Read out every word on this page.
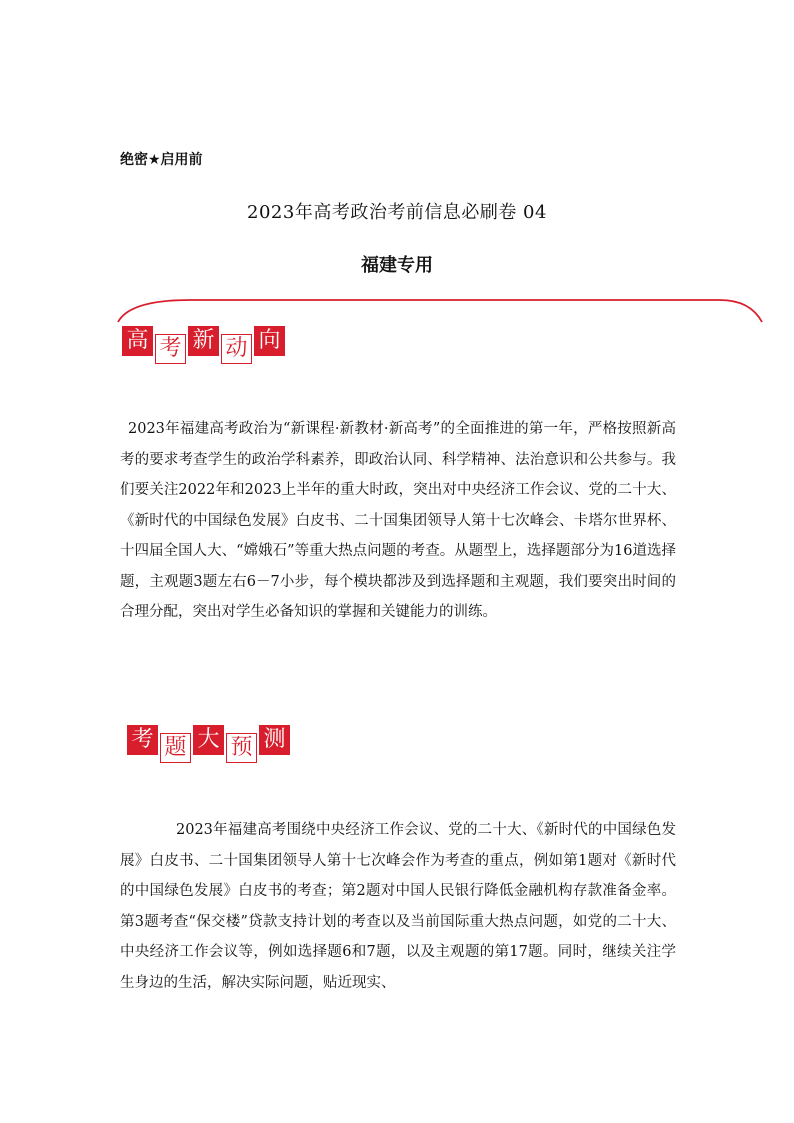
绝密★启用前
2023年高考政治考前信息必刷卷 04
福建专用
高 考 新 动 向

2023年福建高考政治为“新课程·新教材·新高考”的全面推进的第一年，严格按照新高考的要求考查学生的政治学科素养，即政治认同、科学精神、法治意识和公共参与。我们要关注2022年和2023上半年的重大时政，突出对中央经济工作会议、党的二十大、《新时代的中国绿色发展》白皮书、二十国集团领导人第十七次峰会、卡塔尔世界杯、十四届全国人大、“嫦娥石”等重大热点问题的考查。从题型上，选择题部分为16道选择题，主观题3题左右6－7小步，每个模块都涉及到选择题和主观题，我们要突出时间的合理分配，突出对学生必备知识的掌握和关键能力的训练。

考 题 大 预 测

2023年福建高考围绕中央经济工作会议、党的二十大、《新时代的中国绿色发展》白皮书、二十国集团领导人第十七次峰会作为考查的重点，例如第1题对《新时代的中国绿色发展》白皮书的考查；第2题对中国人民银行降低金融机构存款准备金率。第3题考查“保交楼”贷款支持计划的考查以及当前国际重大热点问题，如党的二十大、中央经济工作会议等，例如选择题6和7题，以及主观题的第17题。同时，继续关注学生身边的生活，解决实际问题，贴近现实、
